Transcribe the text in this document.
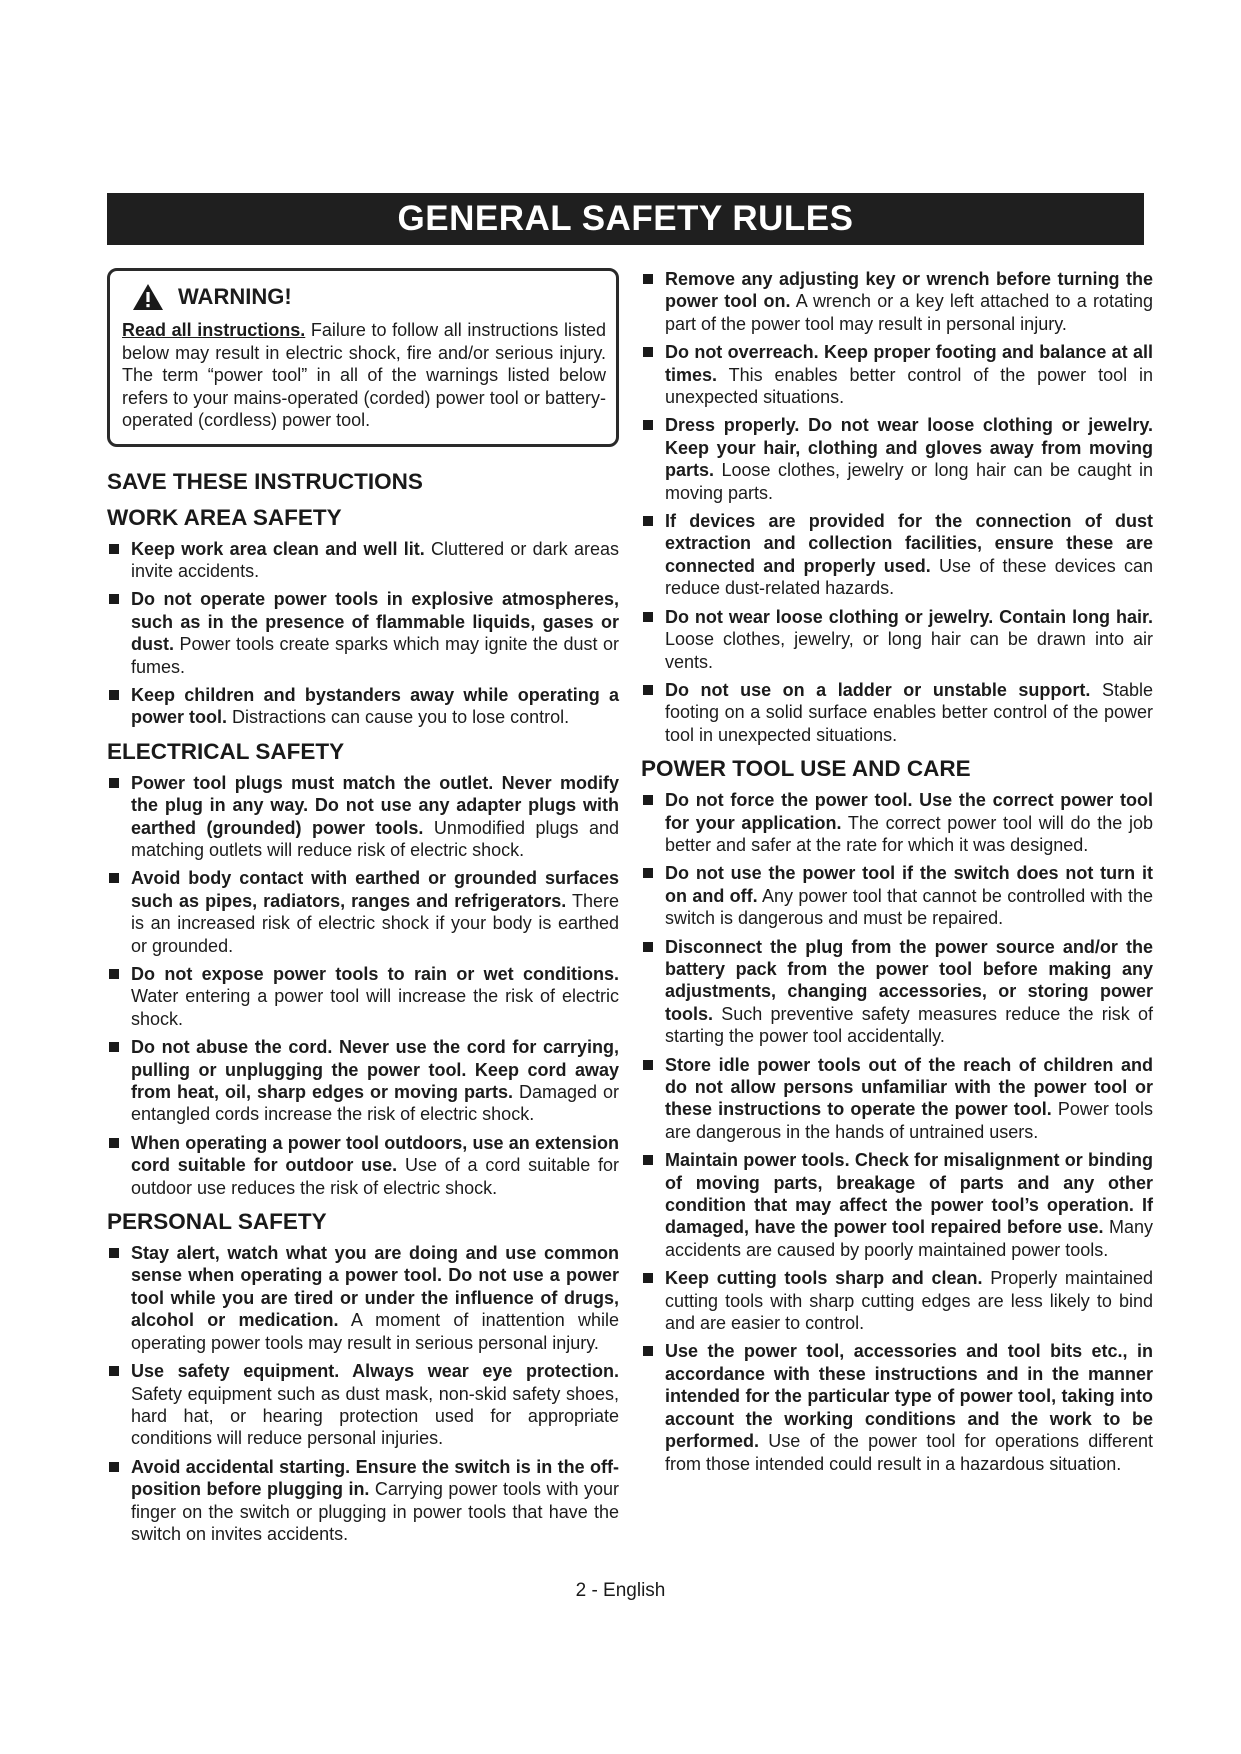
GENERAL SAFETY RULES
WARNING!
Read all instructions. Failure to follow all instructions listed below may result in electric shock, fire and/or serious injury. The term “power tool” in all of the warnings listed below refers to your mains-operated (corded) power tool or battery-operated (cordless) power tool.
SAVE THESE INSTRUCTIONS
WORK AREA SAFETY
Keep work area clean and well lit. Cluttered or dark areas invite accidents.
Do not operate power tools in explosive atmospheres, such as in the presence of flammable liquids, gases or dust. Power tools create sparks which may ignite the dust or fumes.
Keep children and bystanders away while operating a power tool. Distractions can cause you to lose control.
ELECTRICAL SAFETY
Power tool plugs must match the outlet. Never modify the plug in any way. Do not use any adapter plugs with earthed (grounded) power tools. Unmodified plugs and matching outlets will reduce risk of electric shock.
Avoid body contact with earthed or grounded surfaces such as pipes, radiators, ranges and refrigerators. There is an increased risk of electric shock if your body is earthed or grounded.
Do not expose power tools to rain or wet conditions. Water entering a power tool will increase the risk of electric shock.
Do not abuse the cord. Never use the cord for carrying, pulling or unplugging the power tool. Keep cord away from heat, oil, sharp edges or moving parts. Damaged or entangled cords increase the risk of electric shock.
When operating a power tool outdoors, use an extension cord suitable for outdoor use. Use of a cord suitable for outdoor use reduces the risk of electric shock.
PERSONAL SAFETY
Stay alert, watch what you are doing and use common sense when operating a power tool. Do not use a power tool while you are tired or under the influence of drugs, alcohol or medication. A moment of inattention while operating power tools may result in serious personal injury.
Use safety equipment. Always wear eye protection. Safety equipment such as dust mask, non-skid safety shoes, hard hat, or hearing protection used for appropriate conditions will reduce personal injuries.
Avoid accidental starting. Ensure the switch is in the off-position before plugging in. Carrying power tools with your finger on the switch or plugging in power tools that have the switch on invites accidents.
Remove any adjusting key or wrench before turning the power tool on. A wrench or a key left attached to a rotating part of the power tool may result in personal injury.
Do not overreach. Keep proper footing and balance at all times. This enables better control of the power tool in unexpected situations.
Dress properly. Do not wear loose clothing or jewelry. Keep your hair, clothing and gloves away from moving parts. Loose clothes, jewelry or long hair can be caught in moving parts.
If devices are provided for the connection of dust extraction and collection facilities, ensure these are connected and properly used. Use of these devices can reduce dust-related hazards.
Do not wear loose clothing or jewelry. Contain long hair. Loose clothes, jewelry, or long hair can be drawn into air vents.
Do not use on a ladder or unstable support. Stable footing on a solid surface enables better control of the power tool in unexpected situations.
POWER TOOL USE AND CARE
Do not force the power tool. Use the correct power tool for your application. The correct power tool will do the job better and safer at the rate for which it was designed.
Do not use the power tool if the switch does not turn it on and off. Any power tool that cannot be controlled with the switch is dangerous and must be repaired.
Disconnect the plug from the power source and/or the battery pack from the power tool before making any adjustments, changing accessories, or storing power tools. Such preventive safety measures reduce the risk of starting the power tool accidentally.
Store idle power tools out of the reach of children and do not allow persons unfamiliar with the power tool or these instructions to operate the power tool. Power tools are dangerous in the hands of untrained users.
Maintain power tools. Check for misalignment or binding of moving parts, breakage of parts and any other condition that may affect the power tool’s operation. If damaged, have the power tool repaired before use. Many accidents are caused by poorly maintained power tools.
Keep cutting tools sharp and clean. Properly maintained cutting tools with sharp cutting edges are less likely to bind and are easier to control.
Use the power tool, accessories and tool bits etc., in accordance with these instructions and in the manner intended for the particular type of power tool, taking into account the working conditions and the work to be performed. Use of the power tool for operations different from those intended could result in a hazardous situation.
2 - English
